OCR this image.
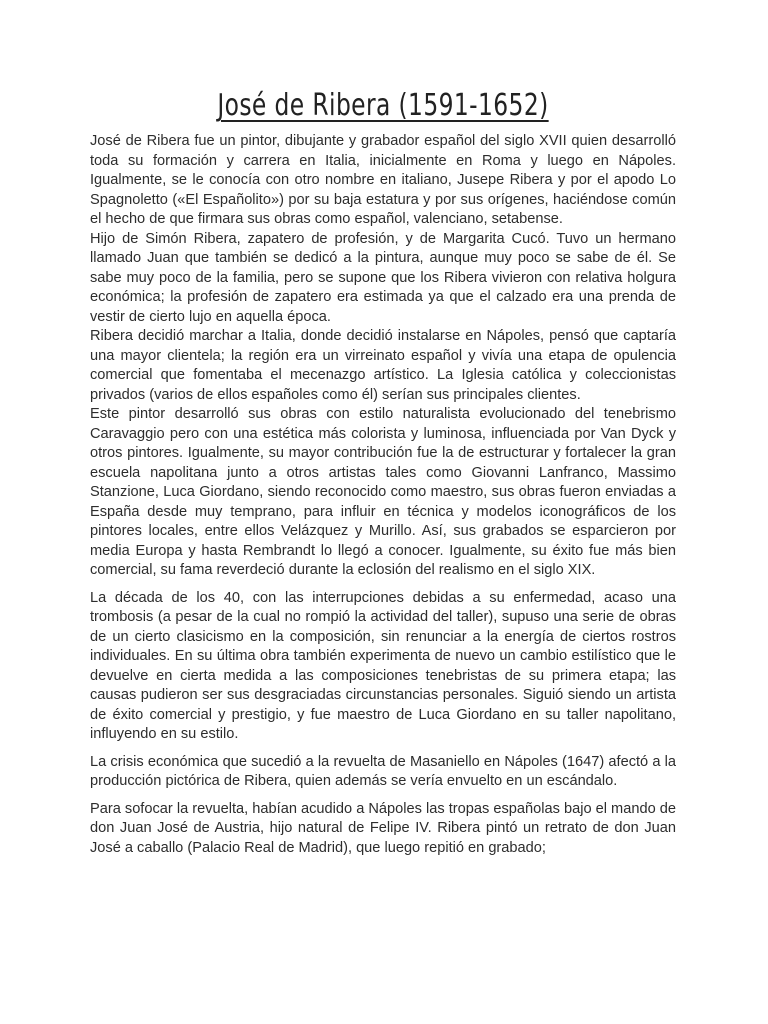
José de Ribera (1591-1652)

José de Ribera fue un pintor, dibujante y grabador español del siglo XVII quien desarrolló toda su formación y carrera en Italia, inicialmente en Roma y luego en Nápoles. Igualmente, se le conocía con otro nombre en italiano, Jusepe Ribera y por el apodo Lo Spagnoletto («El Españolito») por su baja estatura y por sus orígenes, haciéndose común el hecho de que firmara sus obras como español, valenciano, setabense.

Hijo de Simón Ribera, zapatero de profesión, y de Margarita Cucó. Tuvo un hermano llamado Juan que también se dedicó a la pintura, aunque muy poco se sabe de él. Se sabe muy poco de la familia, pero se supone que los Ribera vivieron con relativa holgura económica; la profesión de zapatero era estimada ya que el calzado era una prenda de vestir de cierto lujo en aquella época.

Ribera decidió marchar a Italia, donde decidió instalarse en Nápoles, pensó que captaría una mayor clientela; la región era un virreinato español y vivía una etapa de opulencia comercial que fomentaba el mecenazgo artístico. La Iglesia católica y coleccionistas privados (varios de ellos españoles como él) serían sus principales clientes.

Este pintor desarrolló sus obras con estilo naturalista evolucionado del tenebrismo Caravaggio pero con una estética más colorista y luminosa, influenciada por Van Dyck y otros pintores. Igualmente, su mayor contribución fue la de estructurar y fortalecer la gran escuela napolitana junto a otros artistas tales como Giovanni Lanfranco, Massimo Stanzione, Luca Giordano, siendo reconocido como maestro, sus obras fueron enviadas a España desde muy temprano, para influir en técnica y modelos iconográficos de los pintores locales, entre ellos Velázquez y Murillo. Así, sus grabados se esparcieron por media Europa y hasta Rembrandt lo llegó a conocer. Igualmente, su éxito fue más bien comercial, su fama reverdeció durante la eclosión del realismo en el siglo XIX.

La década de los 40, con las interrupciones debidas a su enfermedad, acaso una trombosis (a pesar de la cual no rompió la actividad del taller), supuso una serie de obras de un cierto clasicismo en la composición, sin renunciar a la energía de ciertos rostros individuales. En su última obra también experimenta de nuevo un cambio estilístico que le devuelve en cierta medida a las composiciones tenebristas de su primera etapa; las causas pudieron ser sus desgraciadas circunstancias personales. Siguió siendo un artista de éxito comercial y prestigio, y fue maestro de Luca Giordano en su taller napolitano, influyendo en su estilo.

La crisis económica que sucedió a la revuelta de Masaniello en Nápoles (1647) afectó a la producción pictórica de Ribera, quien además se vería envuelto en un escándalo.

Para sofocar la revuelta, habían acudido a Nápoles las tropas españolas bajo el mando de don Juan José de Austria, hijo natural de Felipe IV. Ribera pintó un retrato de don Juan José a caballo (Palacio Real de Madrid), que luego repitió en grabado;
